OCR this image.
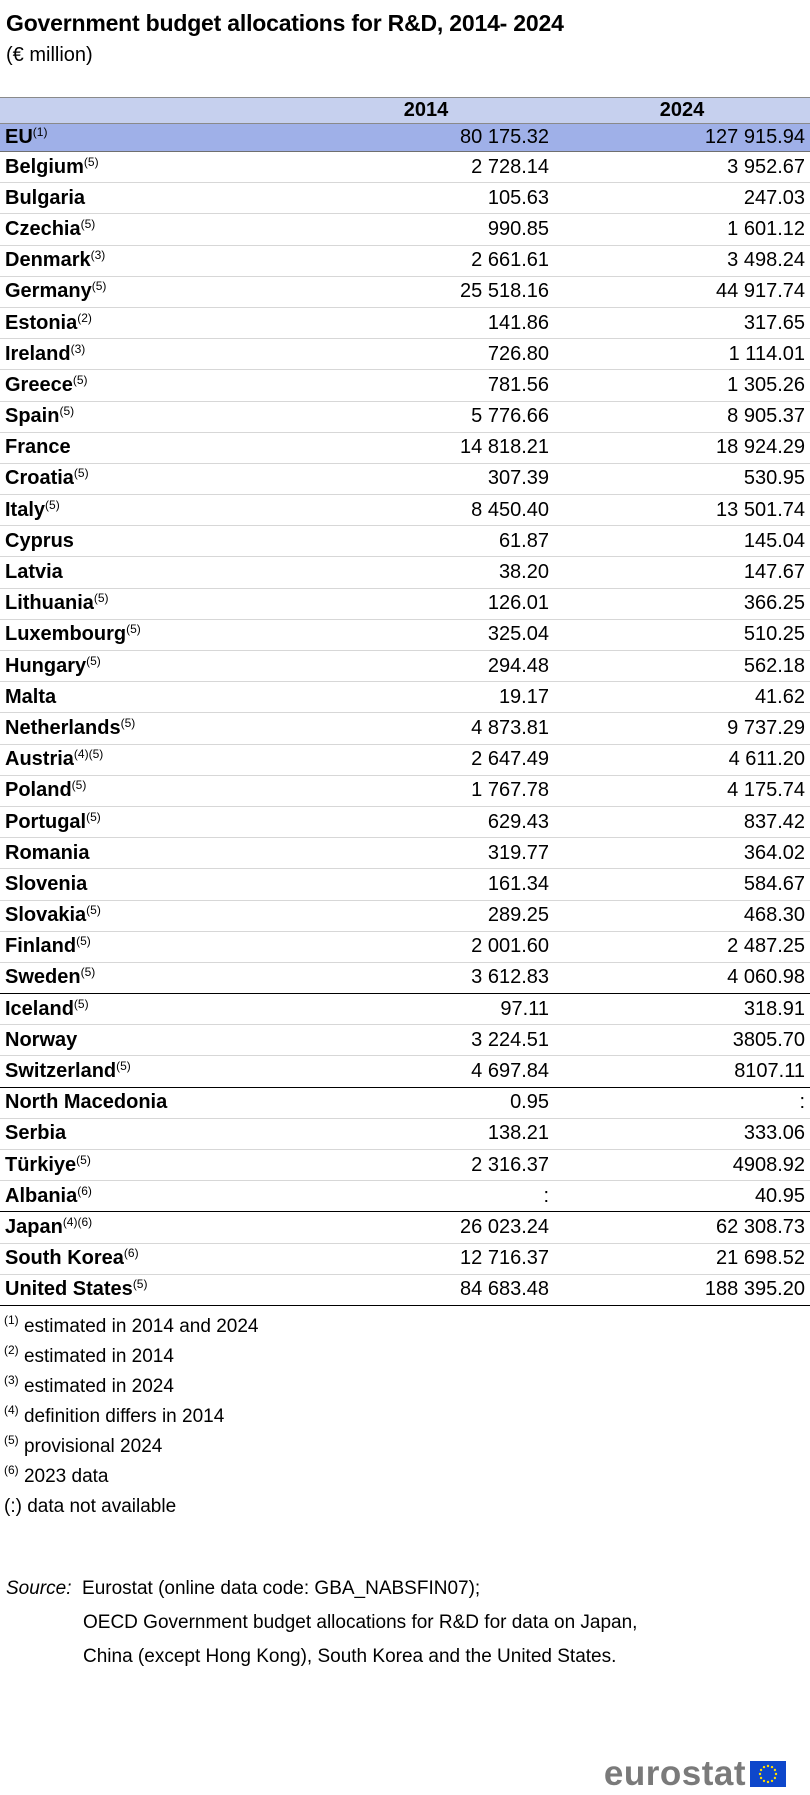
Government budget allocations for R&D, 2014- 2024
(€ million)
	2014	2024
EU$^{(1)}$	80 175.32	127 915.94
Belgium$^{(5)}$	2 728.14	3 952.67
Bulgaria	105.63	247.03
Czechia$^{(5)}$	990.85	1 601.12
Denmark$^{(3)}$	2 661.61	3 498.24
Germany$^{(5)}$	25 518.16	44 917.74
Estonia$^{(2)}$	141.86	317.65
Ireland$^{(3)}$	726.80	1 114.01
Greece$^{(5)}$	781.56	1 305.26
Spain$^{(5)}$	5 776.66	8 905.37
France	14 818.21	18 924.29
Croatia$^{(5)}$	307.39	530.95
Italy$^{(5)}$	8 450.40	13 501.74
Cyprus	61.87	145.04
Latvia	38.20	147.67
Lithuania$^{(5)}$	126.01	366.25
Luxembourg$^{(5)}$	325.04	510.25
Hungary$^{(5)}$	294.48	562.18
Malta	19.17	41.62
Netherlands$^{(5)}$	4 873.81	9 737.29
Austria$^{(4)(5)}$	2 647.49	4 611.20
Poland$^{(5)}$	1 767.78	4 175.74
Portugal$^{(5)}$	629.43	837.42
Romania	319.77	364.02
Slovenia	161.34	584.67
Slovakia$^{(5)}$	289.25	468.30
Finland$^{(5)}$	2 001.60	2 487.25
Sweden$^{(5)}$	3 612.83	4 060.98
Iceland$^{(5)}$	97.11	318.91
Norway	3 224.51	3805.70
Switzerland$^{(5)}$	4 697.84	8107.11
North Macedonia	0.95	:
Serbia	138.21	333.06
Türkiye$^{(5)}$	2 316.37	4908.92
Albania$^{(6)}$	:	40.95
Japan$^{(4)(6)}$	26 023.24	62 308.73
South Korea$^{(6)}$	12 716.37	21 698.52
United States$^{(5)}$	84 683.48	188 395.20
$^{(1)}$ estimated in 2014 and 2024
$^{(2)}$ estimated in 2014
$^{(3)}$ estimated in 2024
$^{(4)}$ definition differs in 2014
$^{(5)}$ provisional 2024
$^{(6)}$ 2023 data
(:) data not available
Source: Eurostat (online data code: GBA_NABSFIN07);
OECD Government budget allocations for R&D for data on Japan,
China (except Hong Kong), South Korea and the United States.
eurostat
